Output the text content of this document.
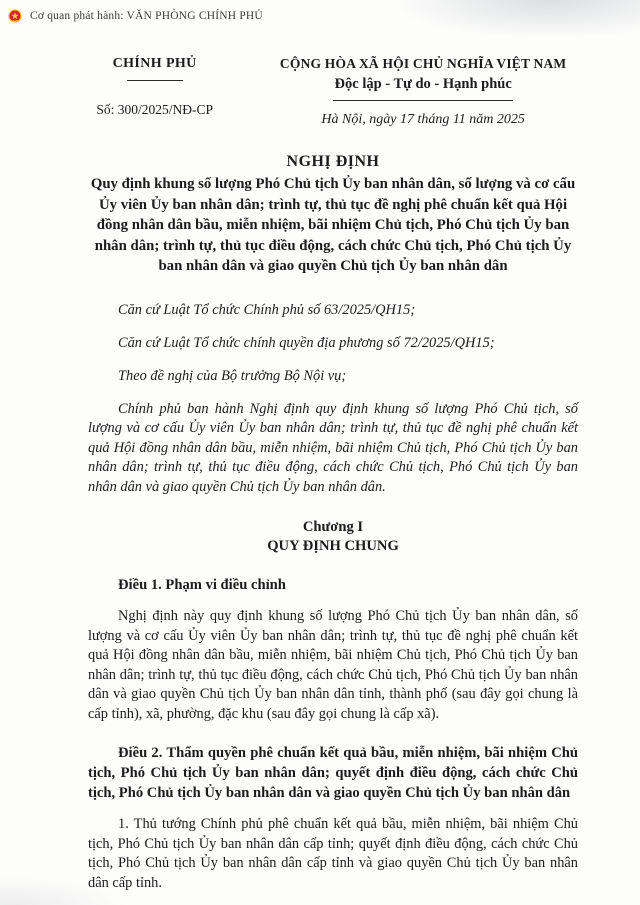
Cơ quan phát hành: VĂN PHÒNG CHÍNH PHỦ
CHÍNH PHỦ
Số: 300/2025/NĐ-CP
CỘNG HÒA XÃ HỘI CHỦ NGHĨA VIỆT NAM
Độc lập - Tự do - Hạnh phúc
Hà Nội, ngày 17 tháng 11 năm 2025
NGHỊ ĐỊNH
Quy định khung số lượng Phó Chủ tịch Ủy ban nhân dân, số lượng và cơ cấu Ủy viên Ủy ban nhân dân; trình tự, thủ tục đề nghị phê chuẩn kết quả Hội đồng nhân dân bầu, miễn nhiệm, bãi nhiệm Chủ tịch, Phó Chủ tịch Ủy ban nhân dân; trình tự, thủ tục điều động, cách chức Chủ tịch, Phó Chủ tịch Ủy ban nhân dân và giao quyền Chủ tịch Ủy ban nhân dân

Căn cứ Luật Tổ chức Chính phủ số 63/2025/QH15;

Căn cứ Luật Tổ chức chính quyền địa phương số 72/2025/QH15;

Theo đề nghị của Bộ trưởng Bộ Nội vụ;

Chính phủ ban hành Nghị định quy định khung số lượng Phó Chủ tịch, số lượng và cơ cấu Ủy viên Ủy ban nhân dân; trình tự, thủ tục đề nghị phê chuẩn kết quả Hội đồng nhân dân bầu, miễn nhiệm, bãi nhiệm Chủ tịch, Phó Chủ tịch Ủy ban nhân dân; trình tự, thủ tục điều động, cách chức Chủ tịch, Phó Chủ tịch Ủy ban nhân dân và giao quyền Chủ tịch Ủy ban nhân dân.

Chương I

QUY ĐỊNH CHUNG

Điều 1. Phạm vi điều chỉnh

Nghị định này quy định khung số lượng Phó Chủ tịch Ủy ban nhân dân, số lượng và cơ cấu Ủy viên Ủy ban nhân dân; trình tự, thủ tục đề nghị phê chuẩn kết quả Hội đồng nhân dân bầu, miễn nhiệm, bãi nhiệm Chủ tịch, Phó Chủ tịch Ủy ban nhân dân; trình tự, thủ tục điều động, cách chức Chủ tịch, Phó Chủ tịch Ủy ban nhân dân và giao quyền Chủ tịch Ủy ban nhân dân tỉnh, thành phố (sau đây gọi chung là cấp tỉnh), xã, phường, đặc khu (sau đây gọi chung là cấp xã).

Điều 2. Thẩm quyền phê chuẩn kết quả bầu, miễn nhiệm, bãi nhiệm Chủ tịch, Phó Chủ tịch Ủy ban nhân dân; quyết định điều động, cách chức Chủ tịch, Phó Chủ tịch Ủy ban nhân dân và giao quyền Chủ tịch Ủy ban nhân dân

1. Thủ tướng Chính phủ phê chuẩn kết quả bầu, miễn nhiệm, bãi nhiệm Chủ tịch, Phó Chủ tịch Ủy ban nhân dân cấp tỉnh; quyết định điều động, cách chức Chủ tịch, Phó Chủ tịch Ủy ban nhân dân cấp tỉnh và giao quyền Chủ tịch Ủy ban nhân dân cấp tỉnh.
